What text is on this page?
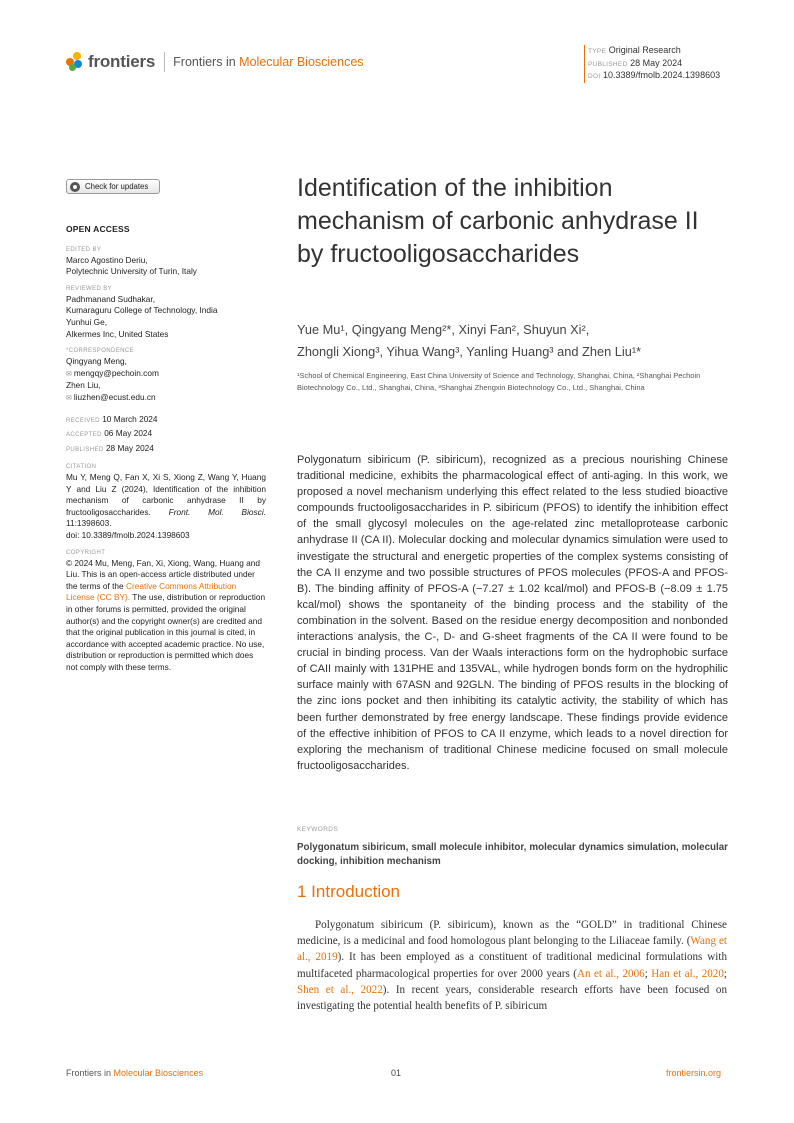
frontiers Frontiers in Molecular Biosciences
TYPE Original Research
PUBLISHED 28 May 2024
DOI 10.3389/fmolb.2024.1398603
Check for updates
OPEN ACCESS
EDITED BY
Marco Agostino Deriu,
Polytechnic University of Turin, Italy
REVIEWED BY
Padhmanand Sudhakar,
Kumaraguru College of Technology, India
Yunhui Ge,
Alkermes Inc, United States
*CORRESPONDENCE
Qingyang Meng,
✉ mengqy@pechoin.com
Zhen Liu,
✉ liuzhen@ecust.edu.cn
RECEIVED 10 March 2024
ACCEPTED 06 May 2024
PUBLISHED 28 May 2024
CITATION
Mu Y, Meng Q, Fan X, Xi S, Xiong Z, Wang Y, Huang Y and Liu Z (2024), Identification of the inhibition mechanism of carbonic anhydrase II by fructooligosaccharides. Front. Mol. Biosci. 11:1398603.
doi: 10.3389/fmolb.2024.1398603
COPYRIGHT
© 2024 Mu, Meng, Fan, Xi, Xiong, Wang, Huang and Liu. This is an open-access article distributed under the terms of the Creative Commons Attribution License (CC BY). The use, distribution or reproduction in other forums is permitted, provided the original author(s) and the copyright owner(s) are credited and that the original publication in this journal is cited, in accordance with accepted academic practice. No use, distribution or reproduction is permitted which does not comply with these terms.
Identification of the inhibition mechanism of carbonic anhydrase II by fructooligosaccharides
Yue Mu¹, Qingyang Meng²*, Xinyi Fan², Shuyun Xi²,
Zhongli Xiong³, Yihua Wang³, Yanling Huang³ and Zhen Liu¹*
¹School of Chemical Engineering, East China University of Science and Technology, Shanghai, China, ²Shanghai Pechoin Biotechnology Co., Ltd., Shanghai, China, ³Shanghai Zhengxin Biotechnology Co., Ltd., Shanghai, China
Polygonatum sibiricum (P. sibiricum), recognized as a precious nourishing Chinese traditional medicine, exhibits the pharmacological effect of anti-aging. In this work, we proposed a novel mechanism underlying this effect related to the less studied bioactive compounds fructooligosaccharides in P. sibiricum (PFOS) to identify the inhibition effect of the small glycosyl molecules on the age-related zinc metalloprotease carbonic anhydrase II (CA II). Molecular docking and molecular dynamics simulation were used to investigate the structural and energetic properties of the complex systems consisting of the CA II enzyme and two possible structures of PFOS molecules (PFOS-A and PFOS-B). The binding affinity of PFOS-A (−7.27 ± 1.02 kcal/mol) and PFOS-B (−8.09 ± 1.75 kcal/mol) shows the spontaneity of the binding process and the stability of the combination in the solvent. Based on the residue energy decomposition and nonbonded interactions analysis, the C-, D- and G-sheet fragments of the CA II were found to be crucial in binding process. Van der Waals interactions form on the hydrophobic surface of CAII mainly with 131PHE and 135VAL, while hydrogen bonds form on the hydrophilic surface mainly with 67ASN and 92GLN. The binding of PFOS results in the blocking of the zinc ions pocket and then inhibiting its catalytic activity, the stability of which has been further demonstrated by free energy landscape. These findings provide evidence of the effective inhibition of PFOS to CA II enzyme, which leads to a novel direction for exploring the mechanism of traditional Chinese medicine focused on small molecule fructooligosaccharides.
KEYWORDS
Polygonatum sibiricum, small molecule inhibitor, molecular dynamics simulation, molecular docking, inhibition mechanism
1 Introduction

Polygonatum sibiricum (P. sibiricum), known as the “GOLD” in traditional Chinese medicine, is a medicinal and food homologous plant belonging to the Liliaceae family. (Wang et al., 2019). It has been employed as a constituent of traditional medicinal formulations with multifaceted pharmacological properties for over 2000 years (An et al., 2006; Han et al., 2020; Shen et al., 2022). In recent years, considerable research efforts have been focused on investigating the potential health benefits of P. sibiricum

Frontiers in Molecular Biosciences	01	frontiersin.org
